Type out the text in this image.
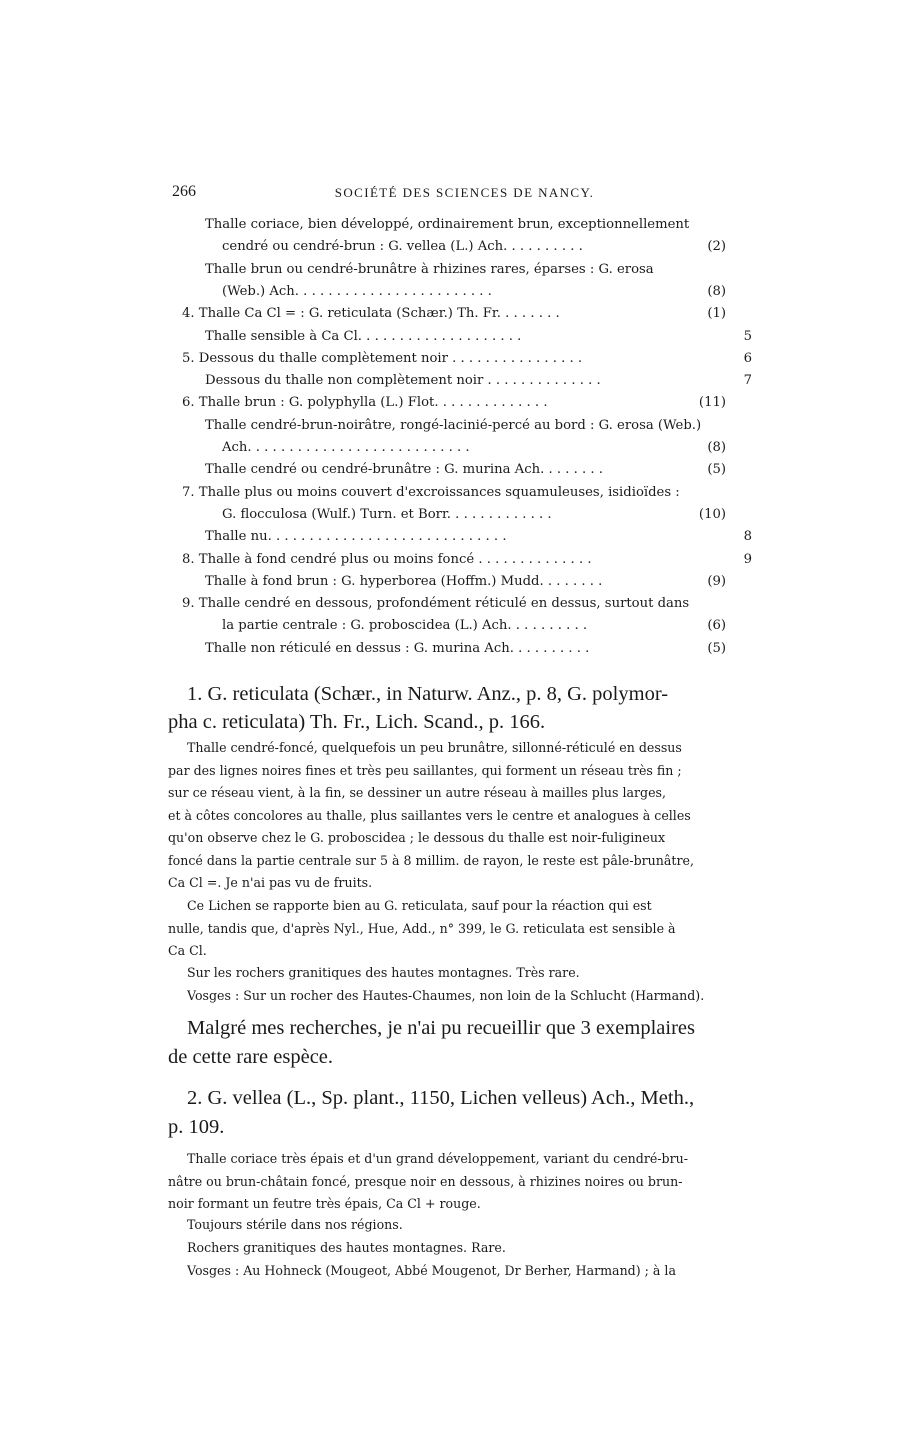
266	SOCIÉTÉ DES SCIENCES DE NANCY.
Thalle coriace, bien développé, ordinairement brun, exceptionnellement
cendré ou cendré-brun : G. vellea (L.) Ach. . . . . . . . . .	(2)
Thalle brun ou cendré-brunâtre à rhizines rares, éparses : G. erosa
(Web.) Ach. . . . . . . . . . . . . . . . . . . . . . . .	(8)
4. Thalle Ca Cl = : G. reticulata (Schær.) Th. Fr. . . . . . . .	(1)
Thalle sensible à Ca Cl. . . . . . . . . . . . . . . . . . . .	5
5. Dessous du thalle complètement noir . . . . . . . . . . . . . . . .	6
Dessous du thalle non complètement noir . . . . . . . . . . . . . .	7
6. Thalle brun : G. polyphylla (L.) Flot. . . . . . . . . . . . . .	(11)
Thalle cendré-brun-noirâtre, rongé-lacinié-percé au bord : G. erosa (Web.)
Ach. . . . . . . . . . . . . . . . . . . . . . . . . . .	(8)
Thalle cendré ou cendré-brunâtre : G. murina Ach. . . . . . . .	(5)
7. Thalle plus ou moins couvert d'excroissances squamuleuses, isidioïdes :
G. flocculosa (Wulf.) Turn. et Borr. . . . . . . . . . . . .	(10)
Thalle nu. . . . . . . . . . . . . . . . . . . . . . . . . . . . .	8
8. Thalle à fond cendré plus ou moins foncé . . . . . . . . . . . . . .	9
Thalle à fond brun : G. hyperborea (Hoffm.) Mudd. . . . . . . .	(9)
9. Thalle cendré en dessous, profondément réticulé en dessus, surtout dans
la partie centrale : G. proboscidea (L.) Ach. . . . . . . . . .	(6)
Thalle non réticulé en dessus : G. murina Ach. . . . . . . . . .	(5)
1. G. reticulata (Schær., in Naturw. Anz., p. 8, G. polymor-
pha c. reticulata) Th. Fr., Lich. Scand., p. 166.
Thalle cendré-foncé, quelquefois un peu brunâtre, sillonné-réticulé en dessus
par des lignes noires fines et très peu saillantes, qui forment un réseau très fin ;
sur ce réseau vient, à la fin, se dessiner un autre réseau à mailles plus larges,
et à côtes concolores au thalle, plus saillantes vers le centre et analogues à celles
qu'on observe chez le G. proboscidea ; le dessous du thalle est noir-fuligineux
foncé dans la partie centrale sur 5 à 8 millim. de rayon, le reste est pâle-brunâtre,
Ca Cl =. Je n'ai pas vu de fruits.
Ce Lichen se rapporte bien au G. reticulata, sauf pour la réaction qui est
nulle, tandis que, d'après Nyl., Hue, Add., n° 399, le G. reticulata est sensible à
Ca Cl.
Sur les rochers granitiques des hautes montagnes. Très rare.
Vosges : Sur un rocher des Hautes-Chaumes, non loin de la Schlucht (Harmand).
Malgré mes recherches, je n'ai pu recueillir que 3 exemplaires
de cette rare espèce.
2. G. vellea (L., Sp. plant., 1150, Lichen velleus) Ach., Meth.,
p. 109.
Thalle coriace très épais et d'un grand développement, variant du cendré-bru-
nâtre ou brun-châtain foncé, presque noir en dessous, à rhizines noires ou brun-
noir formant un feutre très épais, Ca Cl + rouge.
Toujours stérile dans nos régions.
Rochers granitiques des hautes montagnes. Rare.
Vosges : Au Hohneck (Mougeot, Abbé Mougenot, Dr Berher, Harmand) ; à la
